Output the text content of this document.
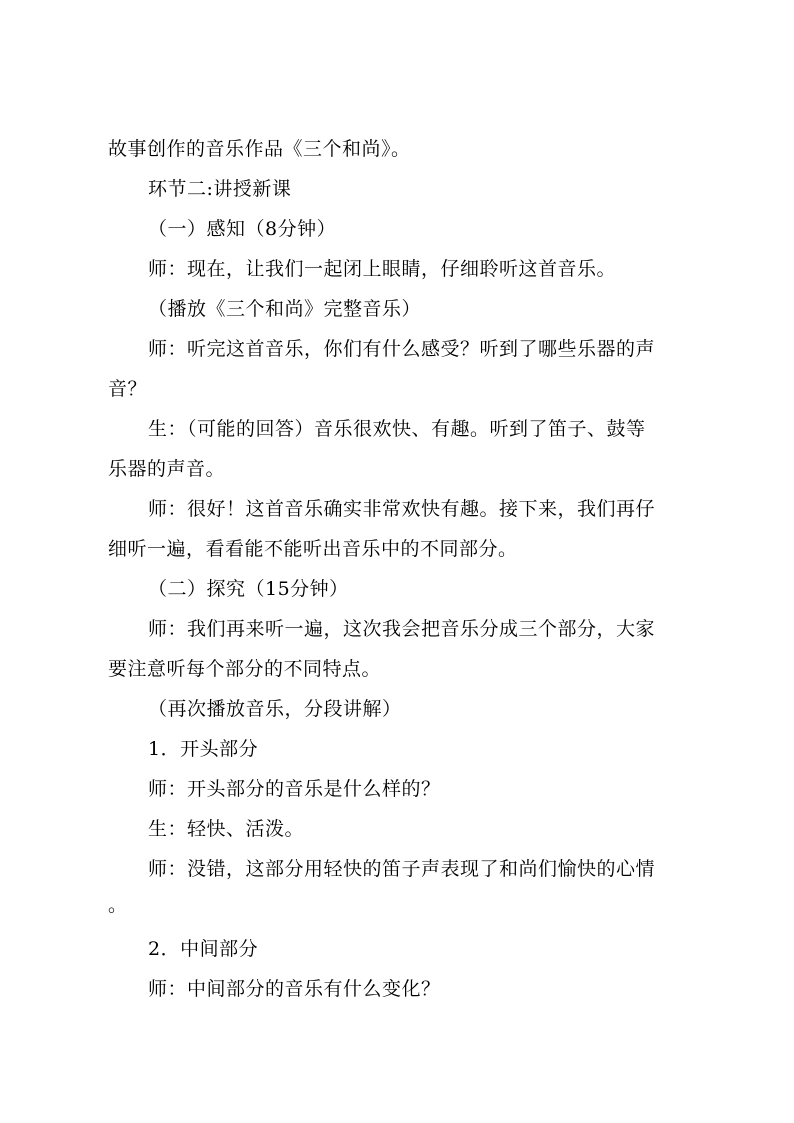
故事创作的音乐作品《三个和尚》。
环节二:讲授新课
（一）感知（8分钟）
师：现在，让我们一起闭上眼睛，仔细聆听这首音乐。
（播放《三个和尚》完整音乐）
师：听完这首音乐，你们有什么感受？听到了哪些乐器的声
音？
生：（可能的回答）音乐很欢快、有趣。听到了笛子、鼓等
乐器的声音。
师：很好！这首音乐确实非常欢快有趣。接下来，我们再仔
细听一遍，看看能不能听出音乐中的不同部分。
（二）探究（15分钟）
师：我们再来听一遍，这次我会把音乐分成三个部分，大家
要注意听每个部分的不同特点。
（再次播放音乐，分段讲解）
1．开头部分
师：开头部分的音乐是什么样的？
生：轻快、活泼。
师：没错，这部分用轻快的笛子声表现了和尚们愉快的心情
。
2．中间部分
师：中间部分的音乐有什么变化？
